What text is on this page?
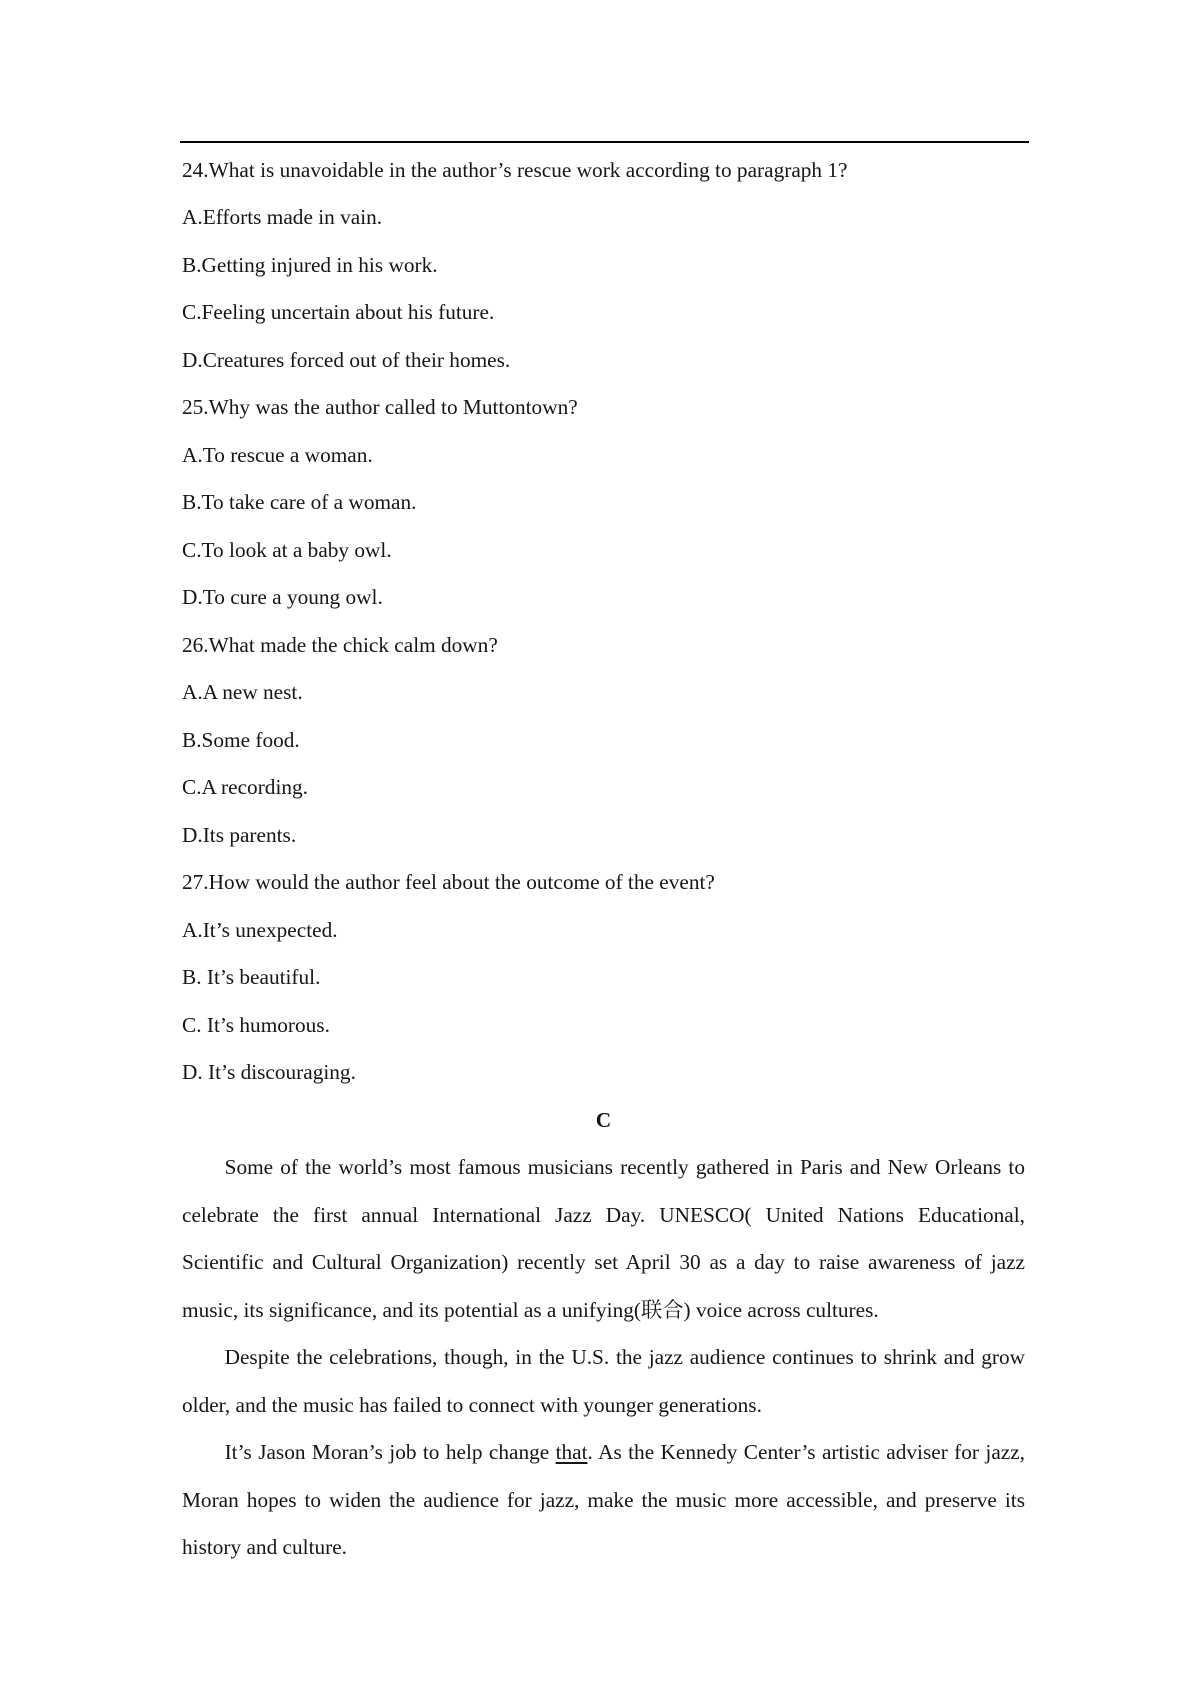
24.What is unavoidable in the author’s rescue work according to paragraph 1?
A.Efforts made in vain.
B.Getting injured in his work.
C.Feeling uncertain about his future.
D.Creatures forced out of their homes.
25.Why was the author called to Muttontown?
A.To rescue a woman.
B.To take care of a woman.
C.To look at a baby owl.
D.To cure a young owl.
26.What made the chick calm down?
A.A new nest.
B.Some food.
C.A recording.
D.Its parents.
27.How would the author feel about the outcome of the event?
A.It’s unexpected.
B. It’s beautiful.
C. It’s humorous.
D. It’s discouraging.
C
Some of the world’s most famous musicians recently gathered in Paris and New Orleans to
celebrate the first annual International Jazz Day. UNESCO( United Nations Educational,
Scientific and Cultural Organization) recently set April 30 as a day to raise awareness of jazz
music, its significance, and its potential as a unifying(联合) voice across cultures.
Despite the celebrations, though, in the U.S. the jazz audience continues to shrink and grow
older, and the music has failed to connect with younger generations.
It’s Jason Moran’s job to help change that. As the Kennedy Center’s artistic adviser for jazz,
Moran hopes to widen the audience for jazz, make the music more accessible, and preserve its
history and culture.
